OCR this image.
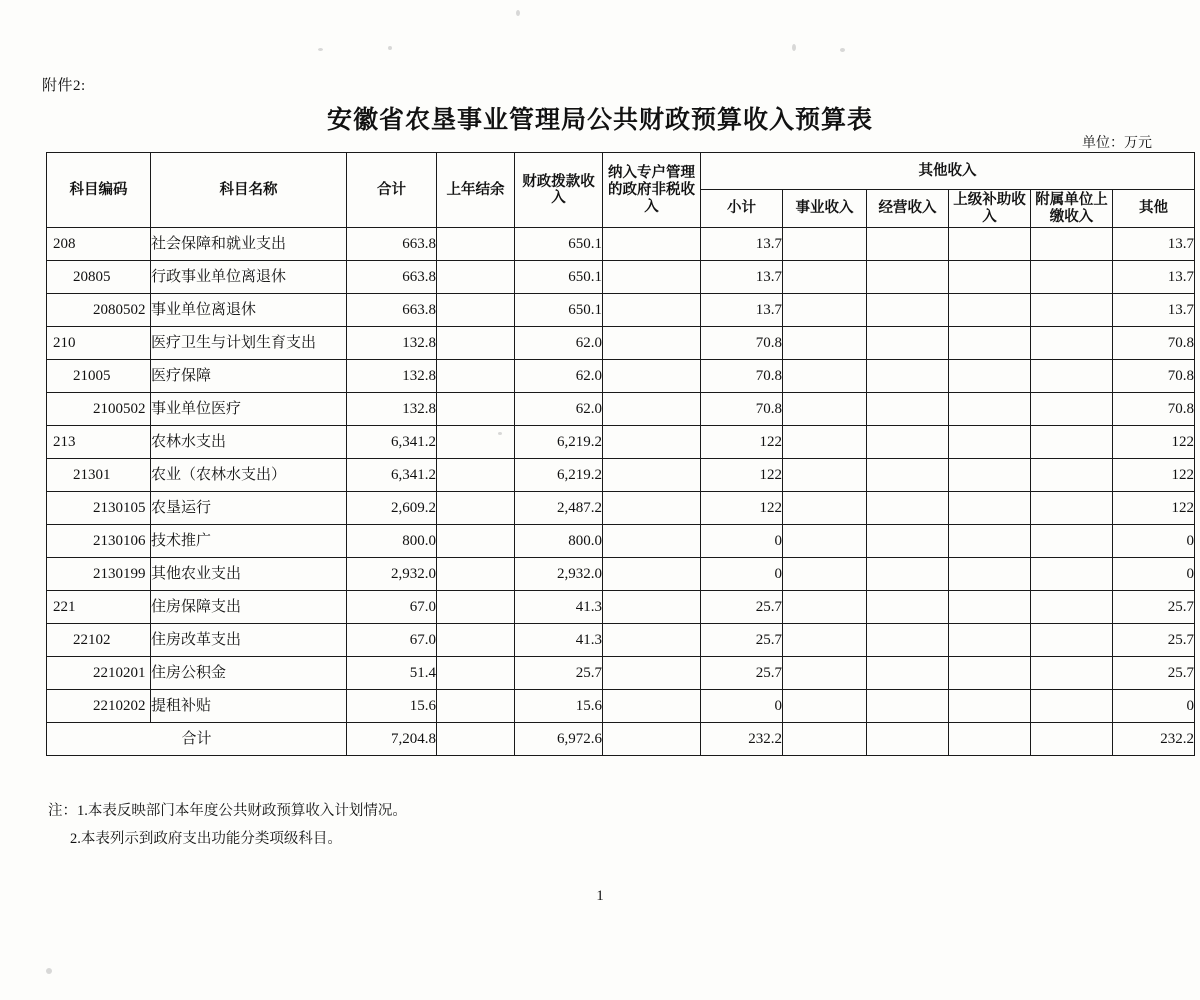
附件2:
安徽省农垦事业管理局公共财政预算收入预算表
单位：万元
科目编码	科目名称	合计	上年结余	财政拨款收入	纳入专户管理的政府非税收入	其他收入					
						小计	事业收入	经营收入	上级补助收入	附属单位上缴收入	其他
208	社会保障和就业支出	663.8		650.1		13.7					13.7
20805	行政事业单位离退休	663.8		650.1		13.7					13.7
2080502	事业单位离退休	663.8		650.1		13.7					13.7
210	医疗卫生与计划生育支出	132.8		62.0		70.8					70.8
21005	医疗保障	132.8		62.0		70.8					70.8
2100502	事业单位医疗	132.8		62.0		70.8					70.8
213	农林水支出	6,341.2		6,219.2		122					122
21301	农业（农林水支出）	6,341.2		6,219.2		122					122
2130105	农垦运行	2,609.2		2,487.2		122					122
2130106	技术推广	800.0		800.0		0					0
2130199	其他农业支出	2,932.0		2,932.0		0					0
221	住房保障支出	67.0		41.3		25.7					25.7
22102	住房改革支出	67.0		41.3		25.7					25.7
2210201	住房公积金	51.4		25.7		25.7					25.7
2210202	提租补贴	15.6		15.6		0					0
合计		7,204.8		6,972.6		232.2					232.2
注：1.本表反映部门本年度公共财政预算收入计划情况。
2.本表列示到政府支出功能分类项级科目。
1
